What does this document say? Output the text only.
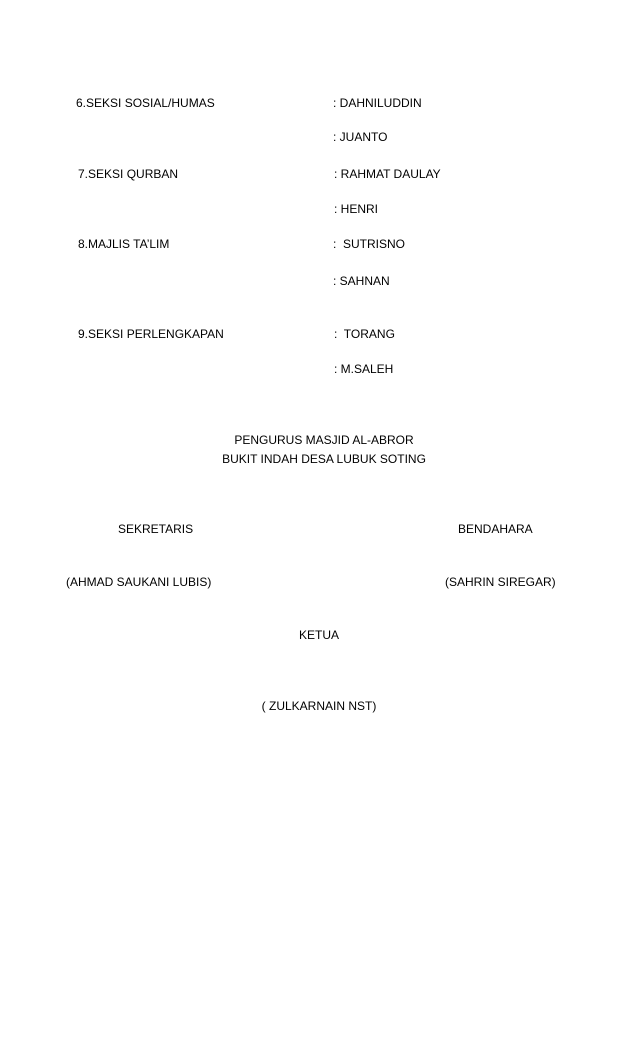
6.SEKSI SOSIAL/HUMAS	: DAHNILUDDIN
: JUANTO
7.SEKSI QURBAN	: RAHMAT DAULAY
: HENRI
8.MAJLIS TA’LIM	:  SUTRISNO
: SAHNAN
9.SEKSI PERLENGKAPAN	:  TORANG
: M.SALEH
PENGURUS MASJID AL-ABROR
BUKIT INDAH DESA LUBUK SOTING
SEKRETARIS	BENDAHARA
(AHMAD SAUKANI LUBIS)	(SAHRIN SIREGAR)
KETUA
( ZULKARNAIN NST)
